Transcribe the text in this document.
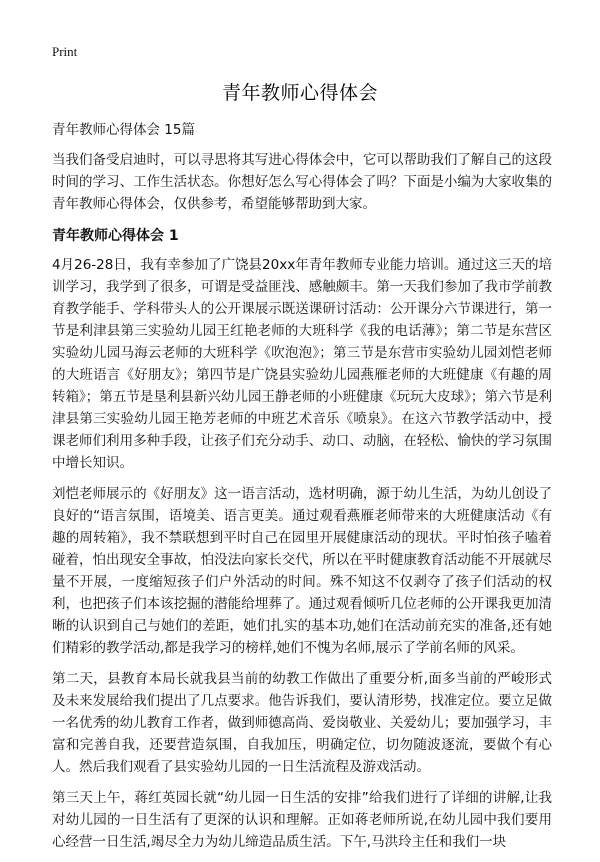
Print
青年教师心得体会
青年教师心得体会 15篇

当我们备受启迪时，可以寻思将其写进心得体会中，它可以帮助我们了解自己的这段时间的学习、工作生活状态。你想好怎么写心得体会了吗？下面是小编为大家收集的青年教师心得体会，仅供参考，希望能够帮助到大家。

青年教师心得体会 1

4月26-28日，我有幸参加了广饶县20xx年青年教师专业能力培训。通过这三天的培训学习，我学到了很多，可谓是受益匪浅、感触颇丰。第一天我们参加了我市学前教育教学能手、学科带头人的公开课展示既送课研讨活动：公开课分六节课进行，第一节是利津县第三实验幼儿园王红艳老师的大班科学《我的电话薄》；第二节是东营区实验幼儿园马海云老师的大班科学《吹泡泡》；第三节是东营市实验幼儿园刘恺老师的大班语言《好朋友》；第四节是广饶县实验幼儿园燕雁老师的大班健康《有趣的周转箱》；第五节是垦利县新兴幼儿园王静老师的小班健康《玩玩大皮球》；第六节是利津县第三实验幼儿园王艳芳老师的中班艺术音乐《喷泉》。在这六节教学活动中，授课老师们利用多种手段，让孩子们充分动手、动口、动脑，在轻松、愉快的学习氛围中增长知识。

刘恺老师展示的《好朋友》这一语言活动，选材明确，源于幼儿生活，为幼儿创设了良好的“语言氛围，语境美、语言更美。通过观看燕雁老师带来的大班健康活动《有趣的周转箱》，我不禁联想到平时自己在园里开展健康活动的现状。平时怕孩子嗑着碰着，怕出现安全事故，怕没法向家长交代，所以在平时健康教育活动能不开展就尽量不开展，一度缩短孩子们户外活动的时间。殊不知这不仅剥夺了孩子们活动的权利，也把孩子们本该挖掘的潜能给埋葬了。通过观看倾听几位老师的公开课我更加清晰的认识到自己与她们的差距，她们扎实的基本功,她们在活动前充实的准备,还有她们精彩的教学活动,都是我学习的榜样,她们不愧为名师,展示了学前名师的风采。

第二天，县教育本局长就我县当前的幼教工作做出了重要分析,面多当前的严峻形式及未来发展给我们提出了几点要求。他告诉我们，要认清形势，找准定位。要立足做一名优秀的幼儿教育工作者，做到师德高尚、爱岗敬业、关爱幼儿；要加强学习，丰富和完善自我，还要营造氛围，自我加压，明确定位，切勿随波逐流，要做个有心人。然后我们观看了县实验幼儿园的一日生活流程及游戏活动。

第三天上午，蒋红英园长就“幼儿园一日生活的安排”给我们进行了详细的讲解,让我对幼儿园的一日生活有了更深的认识和理解。正如蒋老师所说,在幼儿园中我们要用心经营一日生活,竭尽全力为幼儿缔造品质生活。下午,马洪玲主任和我们一块
